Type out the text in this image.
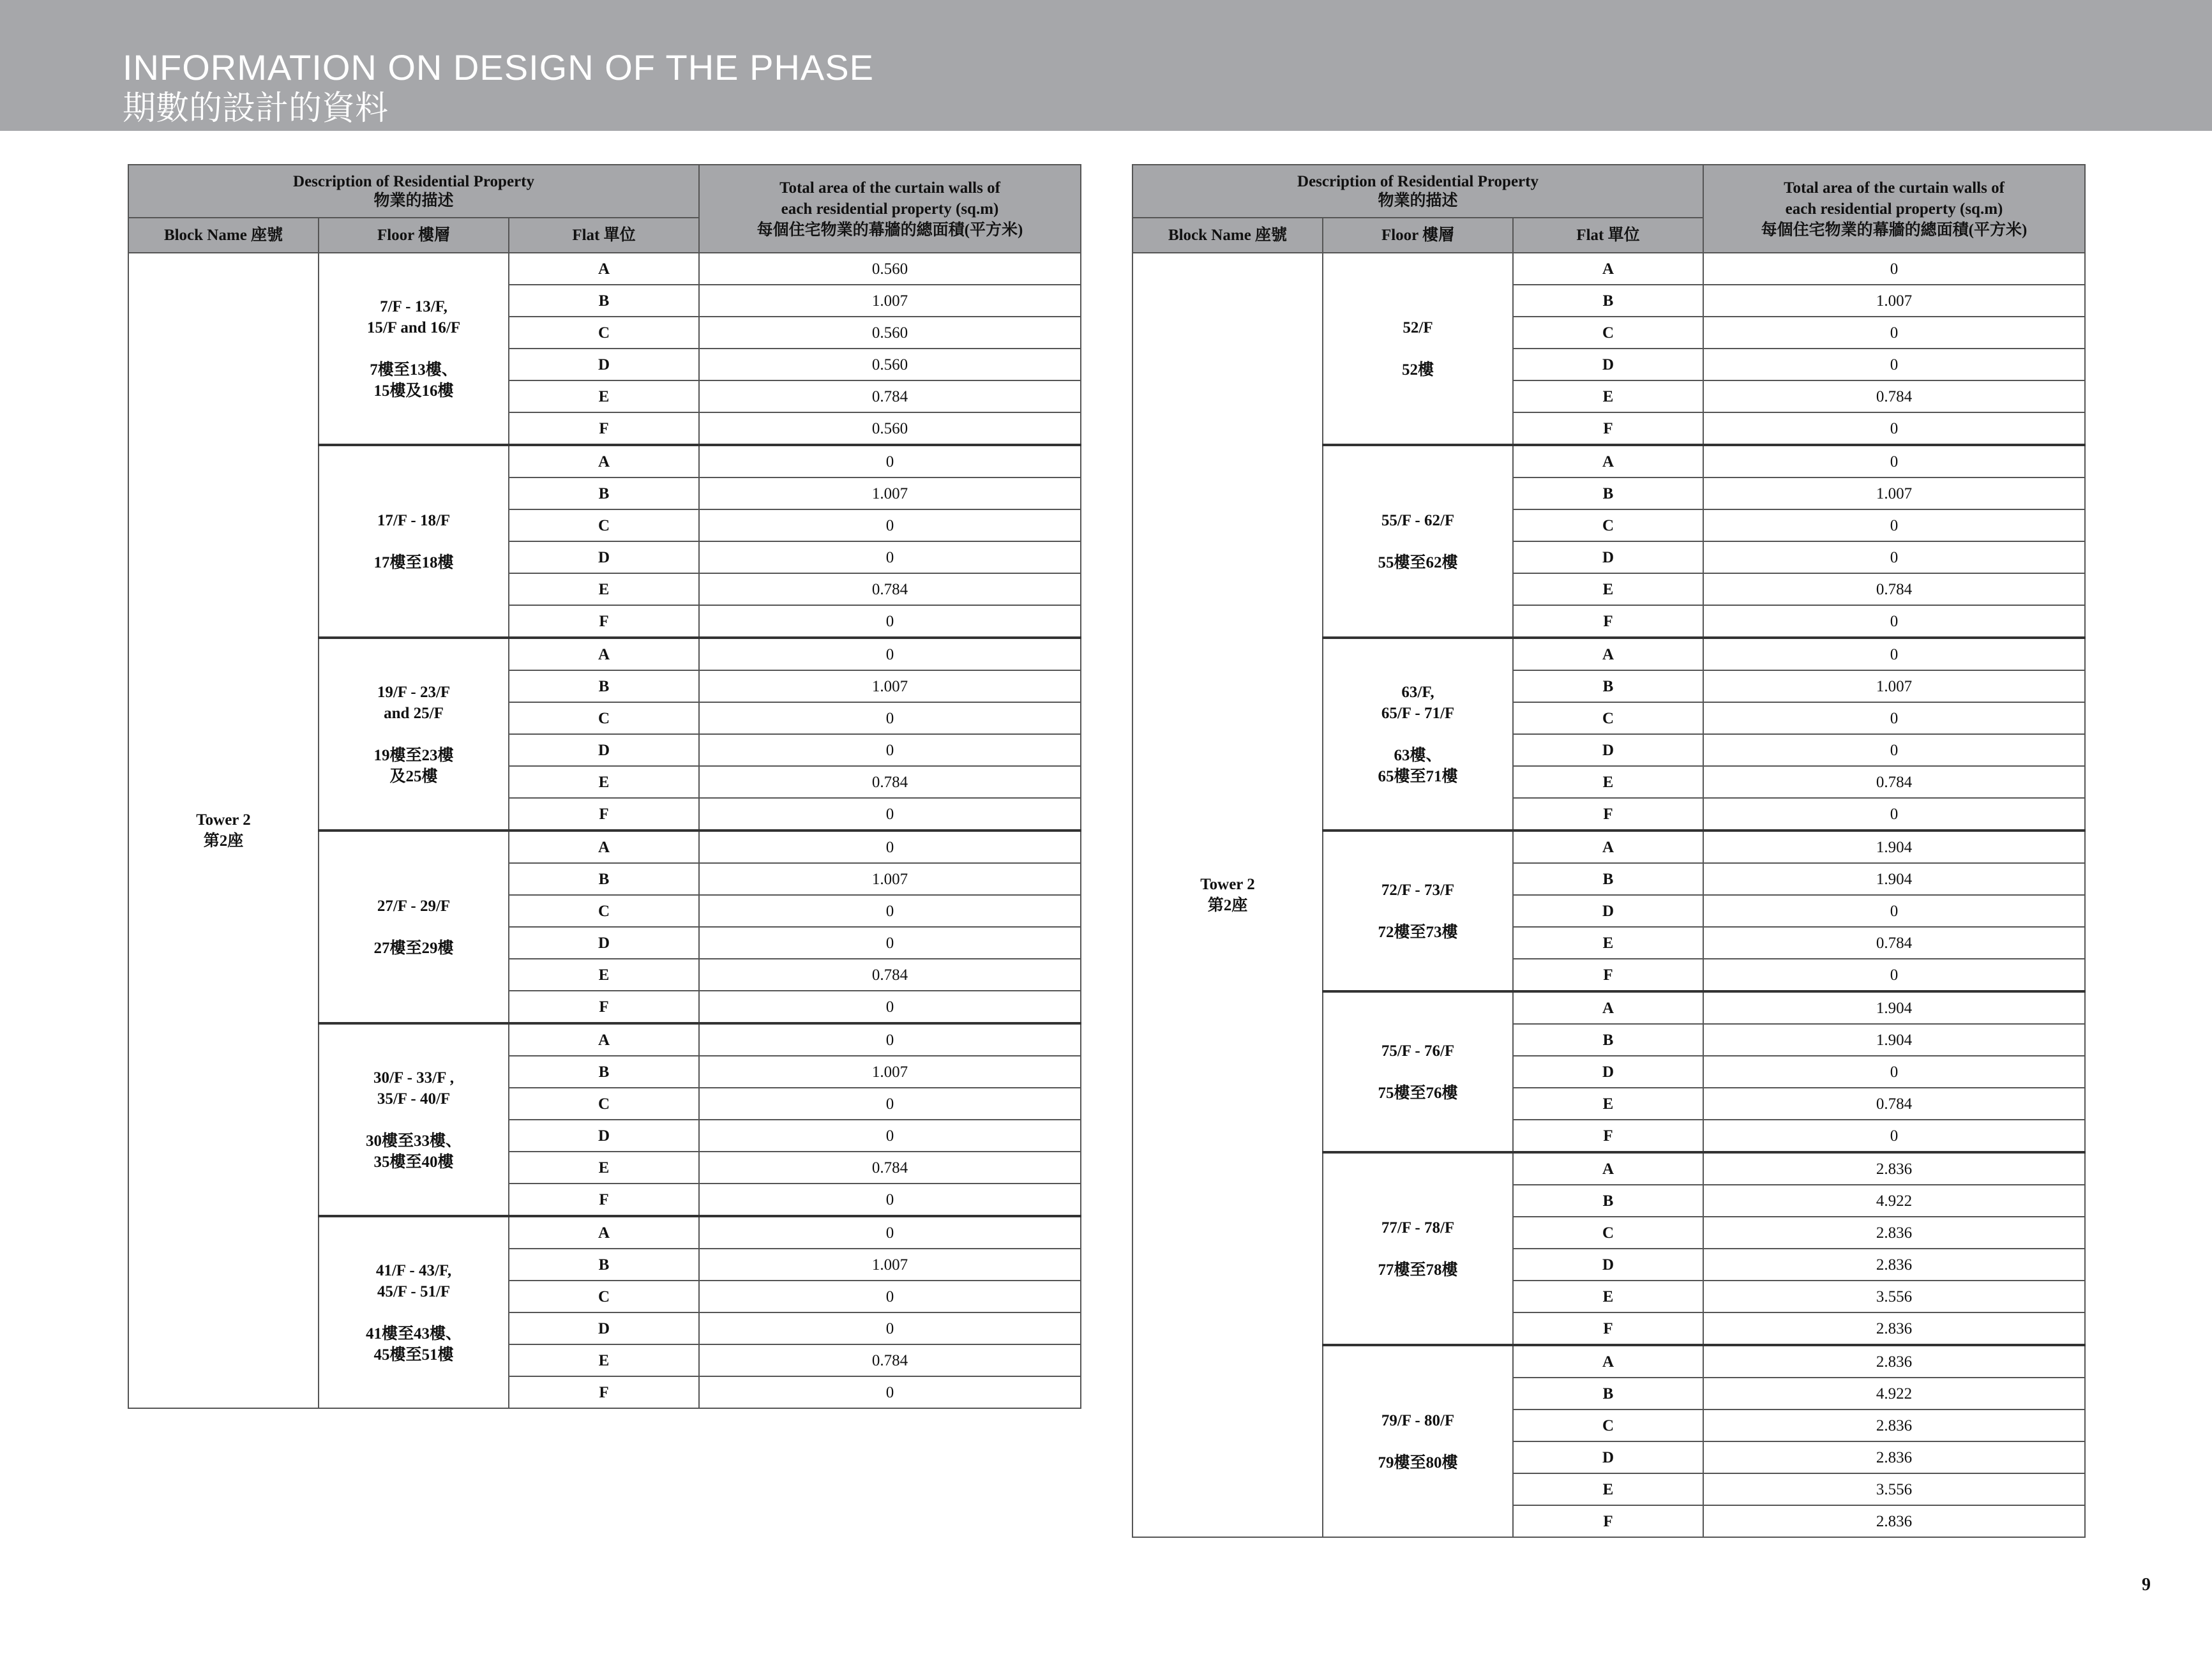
INFORMATION ON DESIGN OF THE PHASE
期數的設計的資料
Description of Residential Property
物業的描述			Total area of the curtain walls of
each residential property (sq.m)
每個住宅物業的幕牆的總面積(平方米)
Block Name 座號	Floor 樓層	Flat 單位	
Tower 2
第2座	7/F - 13/F,
15/F and 16/F
7樓至13樓、
15樓及16樓	A	0.560
		B	1.007
		C	0.560
		D	0.560
		E	0.784
		F	0.560
	17/F - 18/F
17樓至18樓	A	0
		B	1.007
		C	0
		D	0
		E	0.784
		F	0
	19/F - 23/F
and 25/F
19樓至23樓
及25樓	A	0
		B	1.007
		C	0
		D	0
		E	0.784
		F	0
	27/F - 29/F
27樓至29樓	A	0
		B	1.007
		C	0
		D	0
		E	0.784
		F	0
	30/F - 33/F ,
35/F - 40/F
30樓至33樓、
35樓至40樓	A	0
		B	1.007
		C	0
		D	0
		E	0.784
		F	0
	41/F - 43/F,
45/F - 51/F
41樓至43樓、
45樓至51樓	A	0
		B	1.007
		C	0
		D	0
		E	0.784
		F	0
Description of Residential Property
物業的描述			Total area of the curtain walls of
each residential property (sq.m)
每個住宅物業的幕牆的總面積(平方米)
Block Name 座號	Floor 樓層	Flat 單位	
Tower 2
第2座	52/F
52樓	A	0
		B	1.007
		C	0
		D	0
		E	0.784
		F	0
	55/F - 62/F
55樓至62樓	A	0
		B	1.007
		C	0
		D	0
		E	0.784
		F	0
	63/F,
65/F - 71/F
63樓、
65樓至71樓	A	0
		B	1.007
		C	0
		D	0
		E	0.784
		F	0
	72/F - 73/F
72樓至73樓	A	1.904
		B	1.904
		D	0
		E	0.784
		F	0
	75/F - 76/F
75樓至76樓	A	1.904
		B	1.904
		D	0
		E	0.784
		F	0
	77/F - 78/F
77樓至78樓	A	2.836
		B	4.922
		C	2.836
		D	2.836
		E	3.556
		F	2.836
	79/F - 80/F
79樓至80樓	A	2.836
		B	4.922
		C	2.836
		D	2.836
		E	3.556
		F	2.836
9
